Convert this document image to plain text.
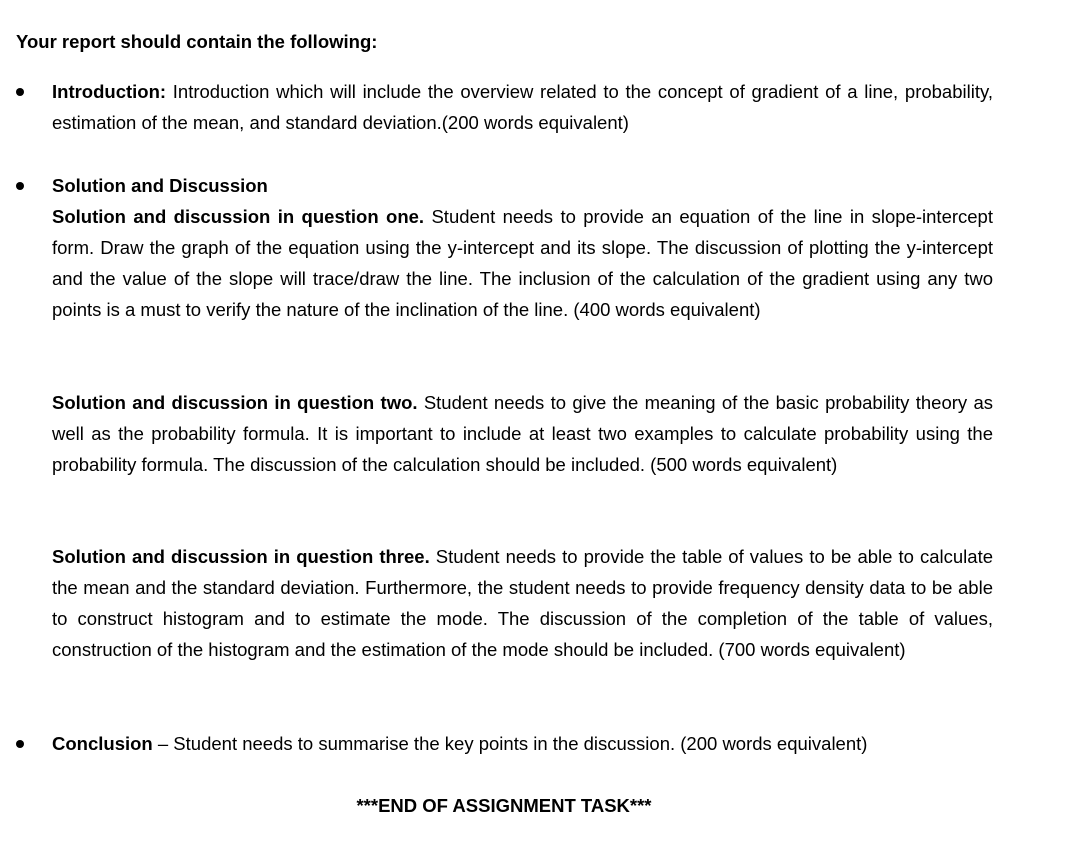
Your report should contain the following:
Introduction: Introduction which will include the overview related to the concept of gradient of a line, probability, estimation of the mean, and standard deviation.(200 words equivalent)
Solution and Discussion
Solution and discussion in question one. Student needs to provide an equation of the line in slope-intercept form. Draw the graph of the equation using the y-intercept and its slope. The discussion of plotting the y-intercept and the value of the slope will trace/draw the line. The inclusion of the calculation of the gradient using any two points is a must to verify the nature of the inclination of the line. (400 words equivalent)
Solution and discussion in question two. Student needs to give the meaning of the basic probability theory as well as the probability formula. It is important to include at least two examples to calculate probability using the probability formula. The discussion of the calculation should be included. (500 words equivalent)
Solution and discussion in question three. Student needs to provide the table of values to be able to calculate the mean and the standard deviation. Furthermore, the student needs to provide frequency density data to be able to construct histogram and to estimate the mode. The discussion of the completion of the table of values, construction of the histogram and the estimation of the mode should be included. (700 words equivalent)
Conclusion – Student needs to summarise the key points in the discussion. (200 words equivalent)
***END OF ASSIGNMENT TASK***
